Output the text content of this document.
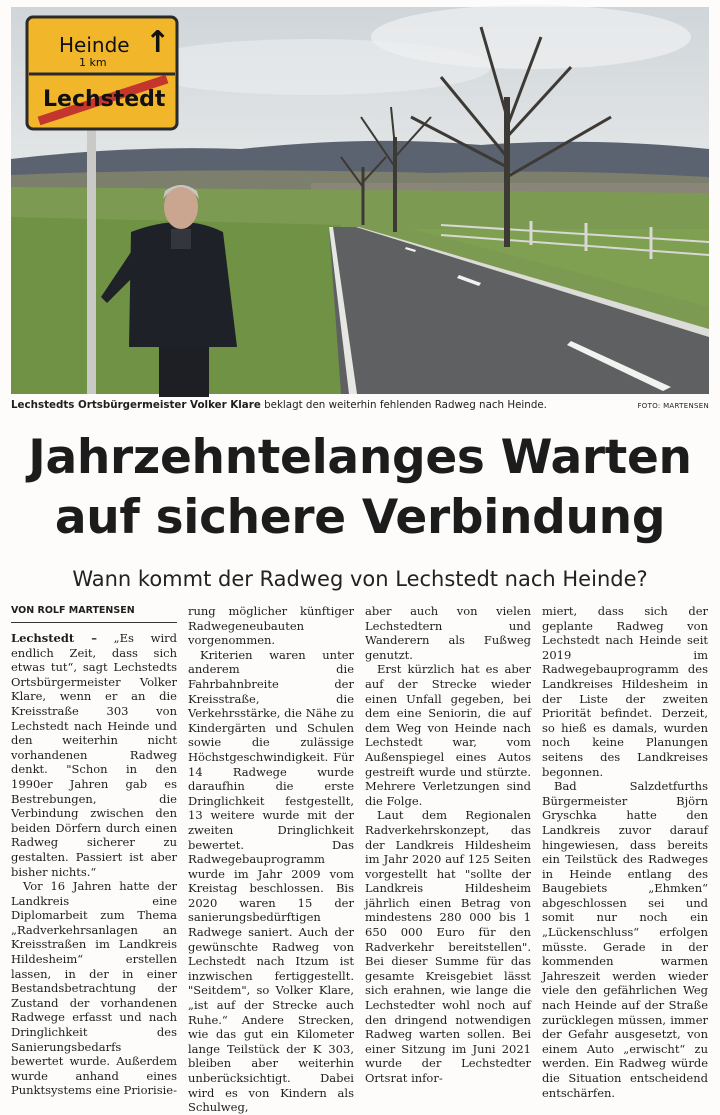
Heinde ↑
1 km
Lechstedt
Lechstedts Ortsbürgermeister Volker Klare beklagt den weiterhin fehlenden Radweg nach Heinde.	FOTO: MARTENSEN
Jahrzehntelanges Warten
auf sichere Verbindung
Wann kommt der Radweg von Lechstedt nach Heinde?
VON ROLF MARTENSEN

Lechstedt – „Es wird endlich Zeit, dass sich etwas tut“, sagt Lechstedts Ortsbürgermeister Volker Klare, wenn er an die Kreisstraße 303 von Lechstedt nach Heinde und den weiterhin nicht vorhandenen Radweg denkt. "Schon in den 1990er Jahren gab es Bestrebungen, die Verbindung zwischen den beiden Dörfern durch einen Radweg sicherer zu gestalten. Passiert ist aber bisher nichts.“

Vor 16 Jahren hatte der Landkreis eine Diplomarbeit zum Thema „Radverkehrsanlagen an Kreisstraßen im Landkreis Hildesheim“ erstellen lassen, in der in einer Bestandsbetrachtung der Zustand der vorhandenen Radwege erfasst und nach Dringlichkeit des Sanierungsbedarfs bewertet wurde. Außerdem wurde anhand eines Punktsystems eine Priorisie-

rung möglicher künftiger Radwegeneubauten vorgenommen.

Kriterien waren unter anderem die Fahrbahnbreite der Kreisstraße, die Verkehrsstärke, die Nähe zu Kindergärten und Schulen sowie die zulässige Höchstgeschwindigkeit. Für 14 Radwege wurde daraufhin die erste Dringlichkeit festgestellt, 13 weitere wurde mit der zweiten Dringlichkeit bewertet. Das Radwegebauprogramm wurde im Jahr 2009 vom Kreistag beschlossen. Bis 2020 waren 15 der sanierungsbedürftigen Radwege saniert. Auch der gewünschte Radweg von Lechstedt nach Itzum ist inzwischen fertiggestellt. "Seitdem", so Volker Klare, „ist auf der Strecke auch Ruhe.“ Andere Strecken, wie das gut ein Kilometer lange Teilstück der K 303, bleiben aber weiterhin unberücksichtigt. Dabei wird es von Kindern als Schulweg,

aber auch von vielen Lechstedtern und Wanderern als Fußweg genutzt.

Erst kürzlich hat es aber auf der Strecke wieder einen Unfall gegeben, bei dem eine Seniorin, die auf dem Weg von Heinde nach Lechstedt war, vom Außenspiegel eines Autos gestreift wurde und stürzte. Mehrere Verletzungen sind die Folge.

Laut dem Regionalen Radverkehrskonzept, das der Landkreis Hildesheim im Jahr 2020 auf 125 Seiten vorgestellt hat "sollte der Landkreis Hildesheim jährlich einen Betrag von mindestens 280 000 bis 1 650 000 Euro für den Radverkehr bereitstellen". Bei dieser Summe für das gesamte Kreisgebiet lässt sich erahnen, wie lange die Lechstedter wohl noch auf den dringend notwendigen Radweg warten sollen. Bei einer Sitzung im Juni 2021 wurde der Lechstedter Ortsrat infor-

miert, dass sich der geplante Radweg von Lechstedt nach Heinde seit 2019 im Radwegebauprogramm des Landkreises Hildesheim in der Liste der zweiten Priorität befindet. Derzeit, so hieß es damals, wurden noch keine Planungen seitens des Landkreises begonnen.

Bad Salzdetfurths Bürgermeister Björn Gryschka hatte den Landkreis zuvor darauf hingewiesen, dass bereits ein Teilstück des Radweges in Heinde entlang des Baugebiets „Ehmken“ abgeschlossen sei und somit nur noch ein „Lückenschluss“ erfolgen müsste. Gerade in der kommenden warmen Jahreszeit werden wieder viele den gefährlichen Weg nach Heinde auf der Straße zurücklegen müssen, immer der Gefahr ausgesetzt, von einem Auto „erwischt“ zu werden. Ein Radweg würde die Situation entscheidend entschärfen.
